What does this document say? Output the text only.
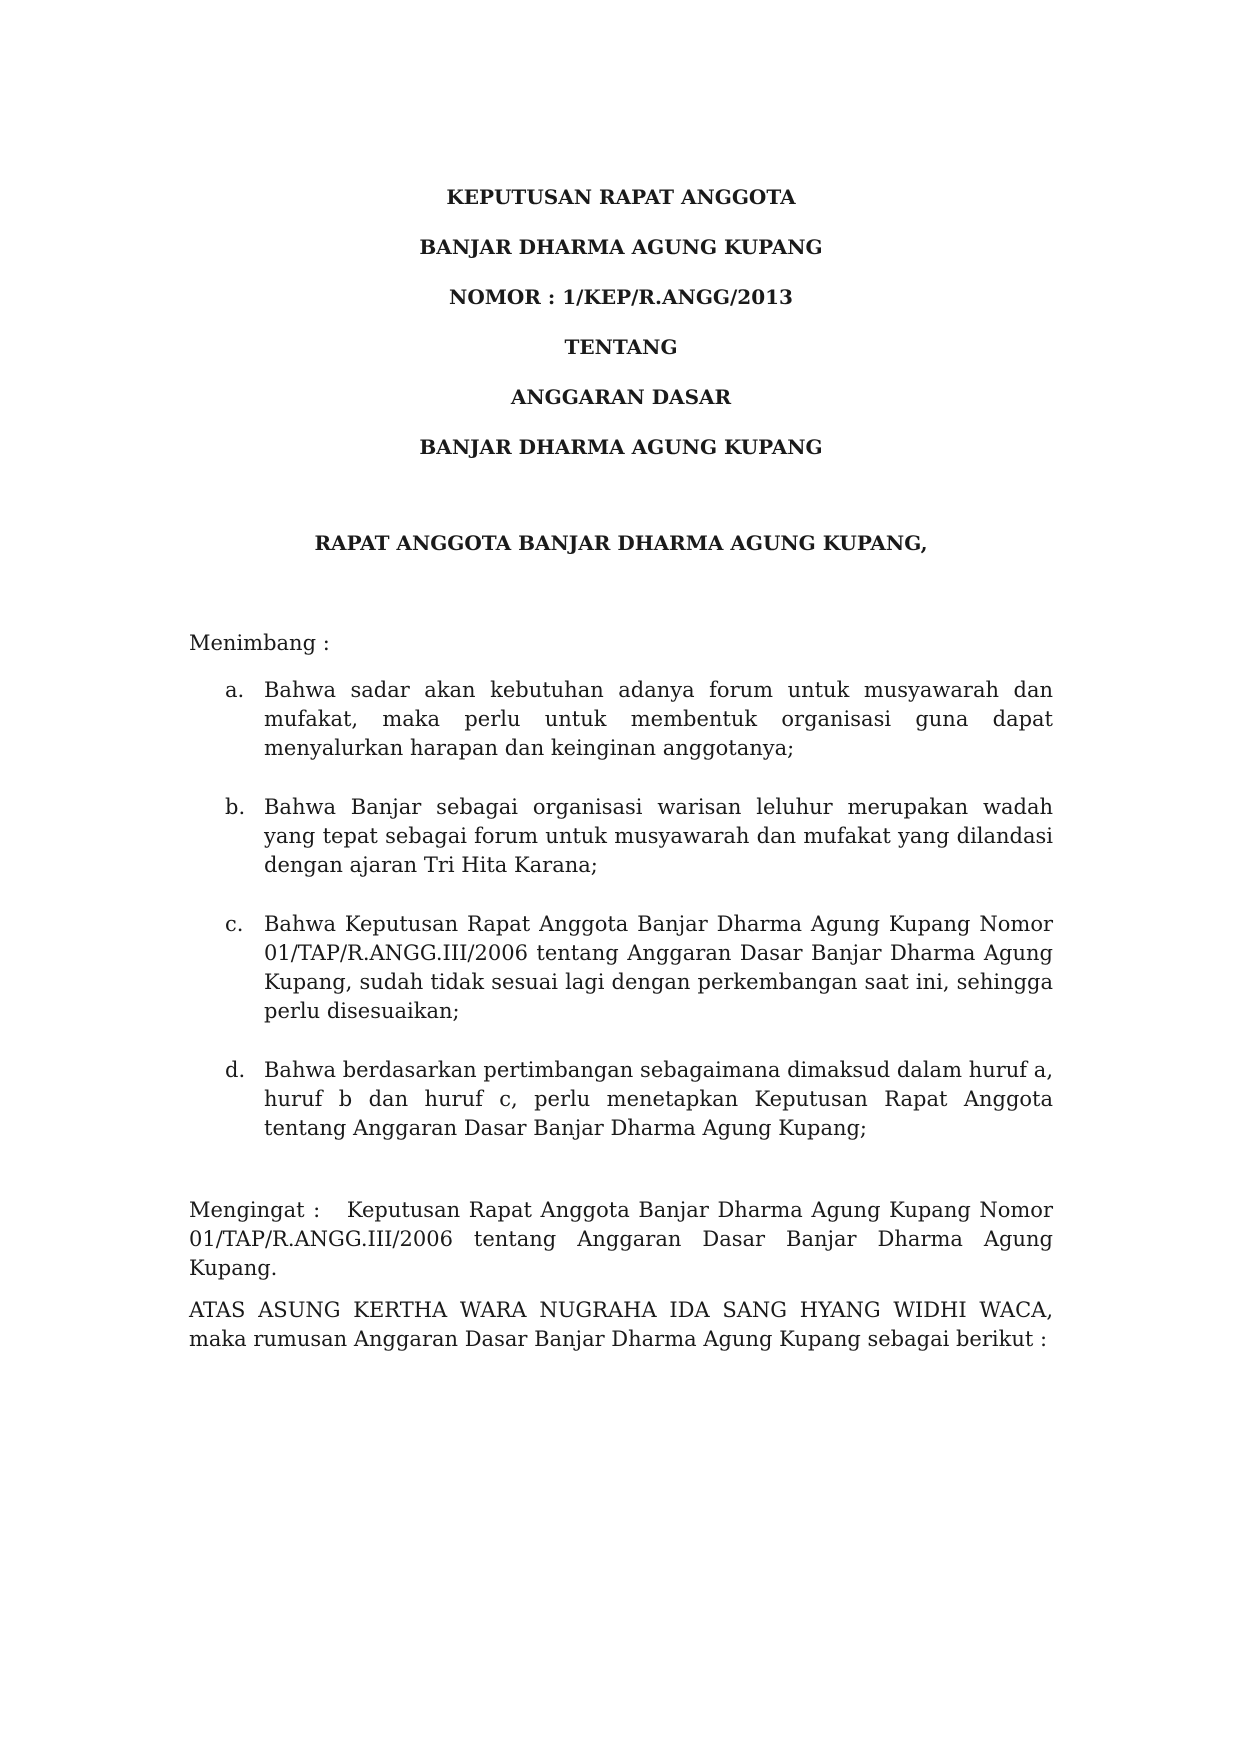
KEPUTUSAN RAPAT ANGGOTA
BANJAR DHARMA AGUNG KUPANG
NOMOR : 1/KEP/R.ANGG/2013
TENTANG
ANGGARAN DASAR
BANJAR DHARMA AGUNG KUPANG
RAPAT ANGGOTA BANJAR DHARMA AGUNG KUPANG,
Menimbang :
a. Bahwa sadar akan kebutuhan adanya forum untuk musyawarah dan mufakat, maka perlu untuk membentuk organisasi guna dapat menyalurkan harapan dan keinginan anggotanya;
b. Bahwa Banjar sebagai organisasi warisan leluhur merupakan wadah yang tepat sebagai forum untuk musyawarah dan mufakat yang dilandasi dengan ajaran Tri Hita Karana;
c. Bahwa Keputusan Rapat Anggota Banjar Dharma Agung Kupang Nomor 01/TAP/R.ANGG.III/2006 tentang Anggaran Dasar Banjar Dharma Agung Kupang, sudah tidak sesuai lagi dengan perkembangan saat ini, sehingga perlu disesuaikan;
d. Bahwa berdasarkan pertimbangan sebagaimana dimaksud dalam huruf a, huruf b dan huruf c, perlu menetapkan Keputusan Rapat Anggota tentang Anggaran Dasar Banjar Dharma Agung Kupang;
Mengingat : Keputusan Rapat Anggota Banjar Dharma Agung Kupang Nomor 01/TAP/R.ANGG.III/2006 tentang Anggaran Dasar Banjar Dharma Agung Kupang.
ATAS ASUNG KERTHA WARA NUGRAHA IDA SANG HYANG WIDHI WACA, maka rumusan Anggaran Dasar Banjar Dharma Agung Kupang sebagai berikut :
